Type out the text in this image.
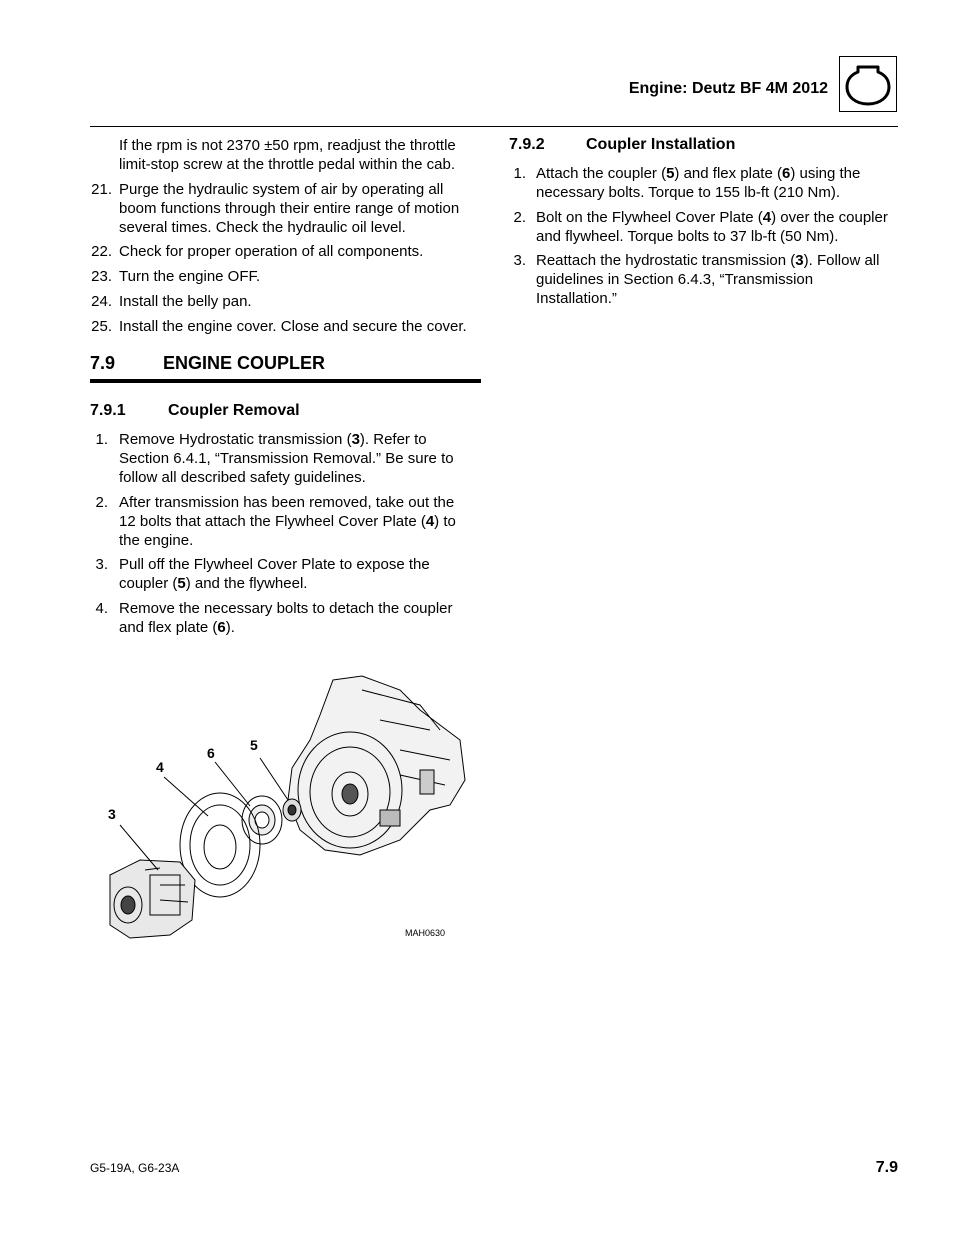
Engine: Deutz BF 4M 2012
If the rpm is not 2370 ±50 rpm, readjust the throttle
limit-stop screw at the throttle pedal within the cab.
21. Purge the hydraulic system of air by operating all
boom functions through their entire range of motion
several times. Check the hydraulic oil level.
22. Check for proper operation of all components.
23. Turn the engine OFF.
24. Install the belly pan.
25. Install the engine cover. Close and secure the cover.
7.9	ENGINE COUPLER
7.9.1	Coupler Removal
1. Remove Hydrostatic transmission (3). Refer to
Section 6.4.1, “Transmission Removal.” Be sure to
follow all described safety guidelines.
2. After transmission has been removed, take out the
12 bolts that attach the Flywheel Cover Plate (4) to
the engine.
3. Pull off the Flywheel Cover Plate to expose the
coupler (5) and the flywheel.
4. Remove the necessary bolts to detach the coupler
and flex plate (6).
7.9.2	Coupler Installation
1. Attach the coupler (5) and flex plate (6) using the
necessary bolts. Torque to 155 lb-ft (210 Nm).
2. Bolt on the Flywheel Cover Plate (4) over the coupler
and flywheel. Torque bolts to 37 lb-ft (50 Nm).
3. Reattach the hydrostatic transmission (3). Follow all
guidelines in Section 6.4.3, “Transmission
Installation.”
3
4
6	5
MAH0630
G5-19A, G6-23A	7.9
